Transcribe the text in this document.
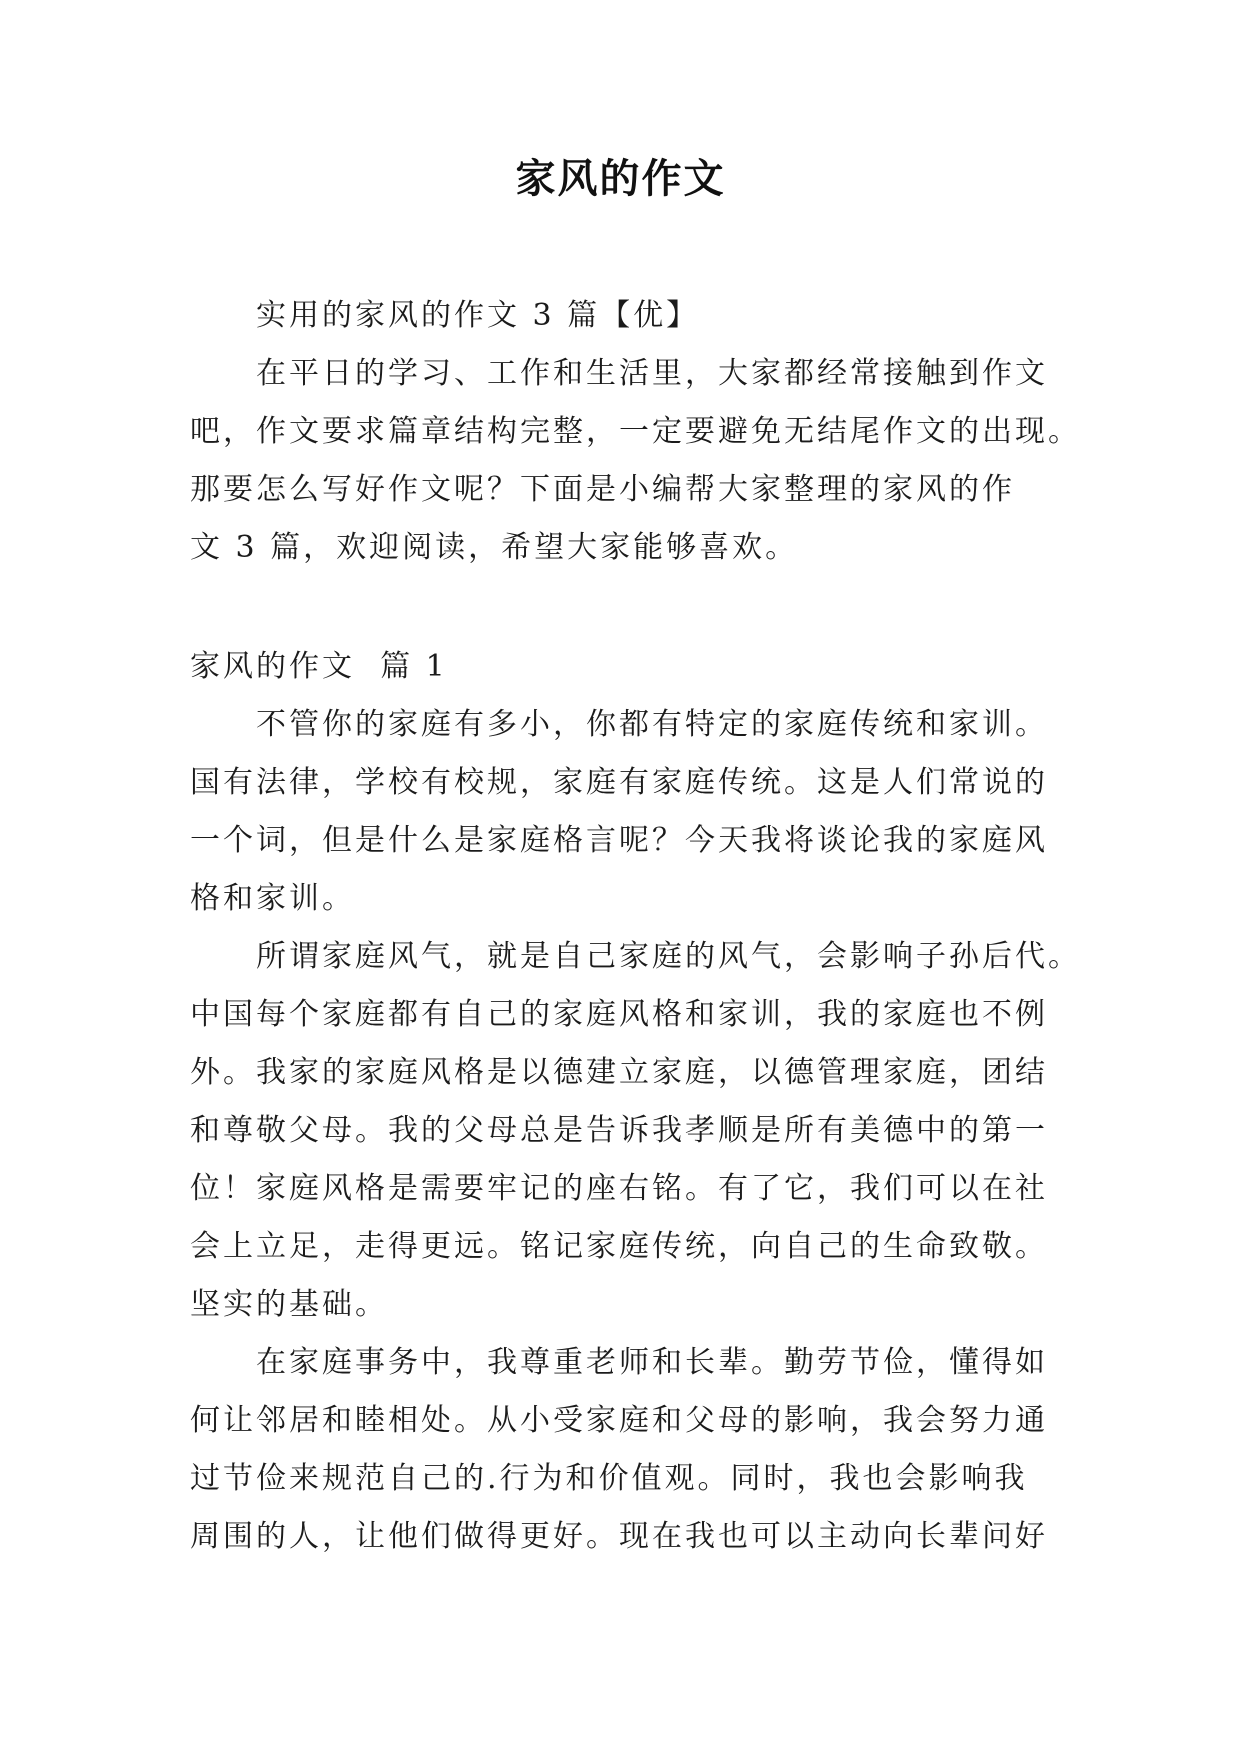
家风的作文
实用的家风的作文 3 篇【优】
在平日的学习、工作和生活里，大家都经常接触到作文
吧，作文要求篇章结构完整，一定要避免无结尾作文的出现。
那要怎么写好作文呢？下面是小编帮大家整理的家风的作
文 3 篇，欢迎阅读，希望大家能够喜欢。
家风的作文  篇 1
不管你的家庭有多小，你都有特定的家庭传统和家训。
国有法律，学校有校规，家庭有家庭传统。这是人们常说的
一个词，但是什么是家庭格言呢？今天我将谈论我的家庭风
格和家训。
所谓家庭风气，就是自己家庭的风气，会影响子孙后代。
中国每个家庭都有自己的家庭风格和家训，我的家庭也不例
外。我家的家庭风格是以德建立家庭，以德管理家庭，团结
和尊敬父母。我的父母总是告诉我孝顺是所有美德中的第一
位！家庭风格是需要牢记的座右铭。有了它，我们可以在社
会上立足，走得更远。铭记家庭传统，向自己的生命致敬。
坚实的基础。
在家庭事务中，我尊重老师和长辈。勤劳节俭，懂得如
何让邻居和睦相处。从小受家庭和父母的影响，我会努力通
过节俭来规范自己的.行为和价值观。同时，我也会影响我
周围的人，让他们做得更好。现在我也可以主动向长辈问好
